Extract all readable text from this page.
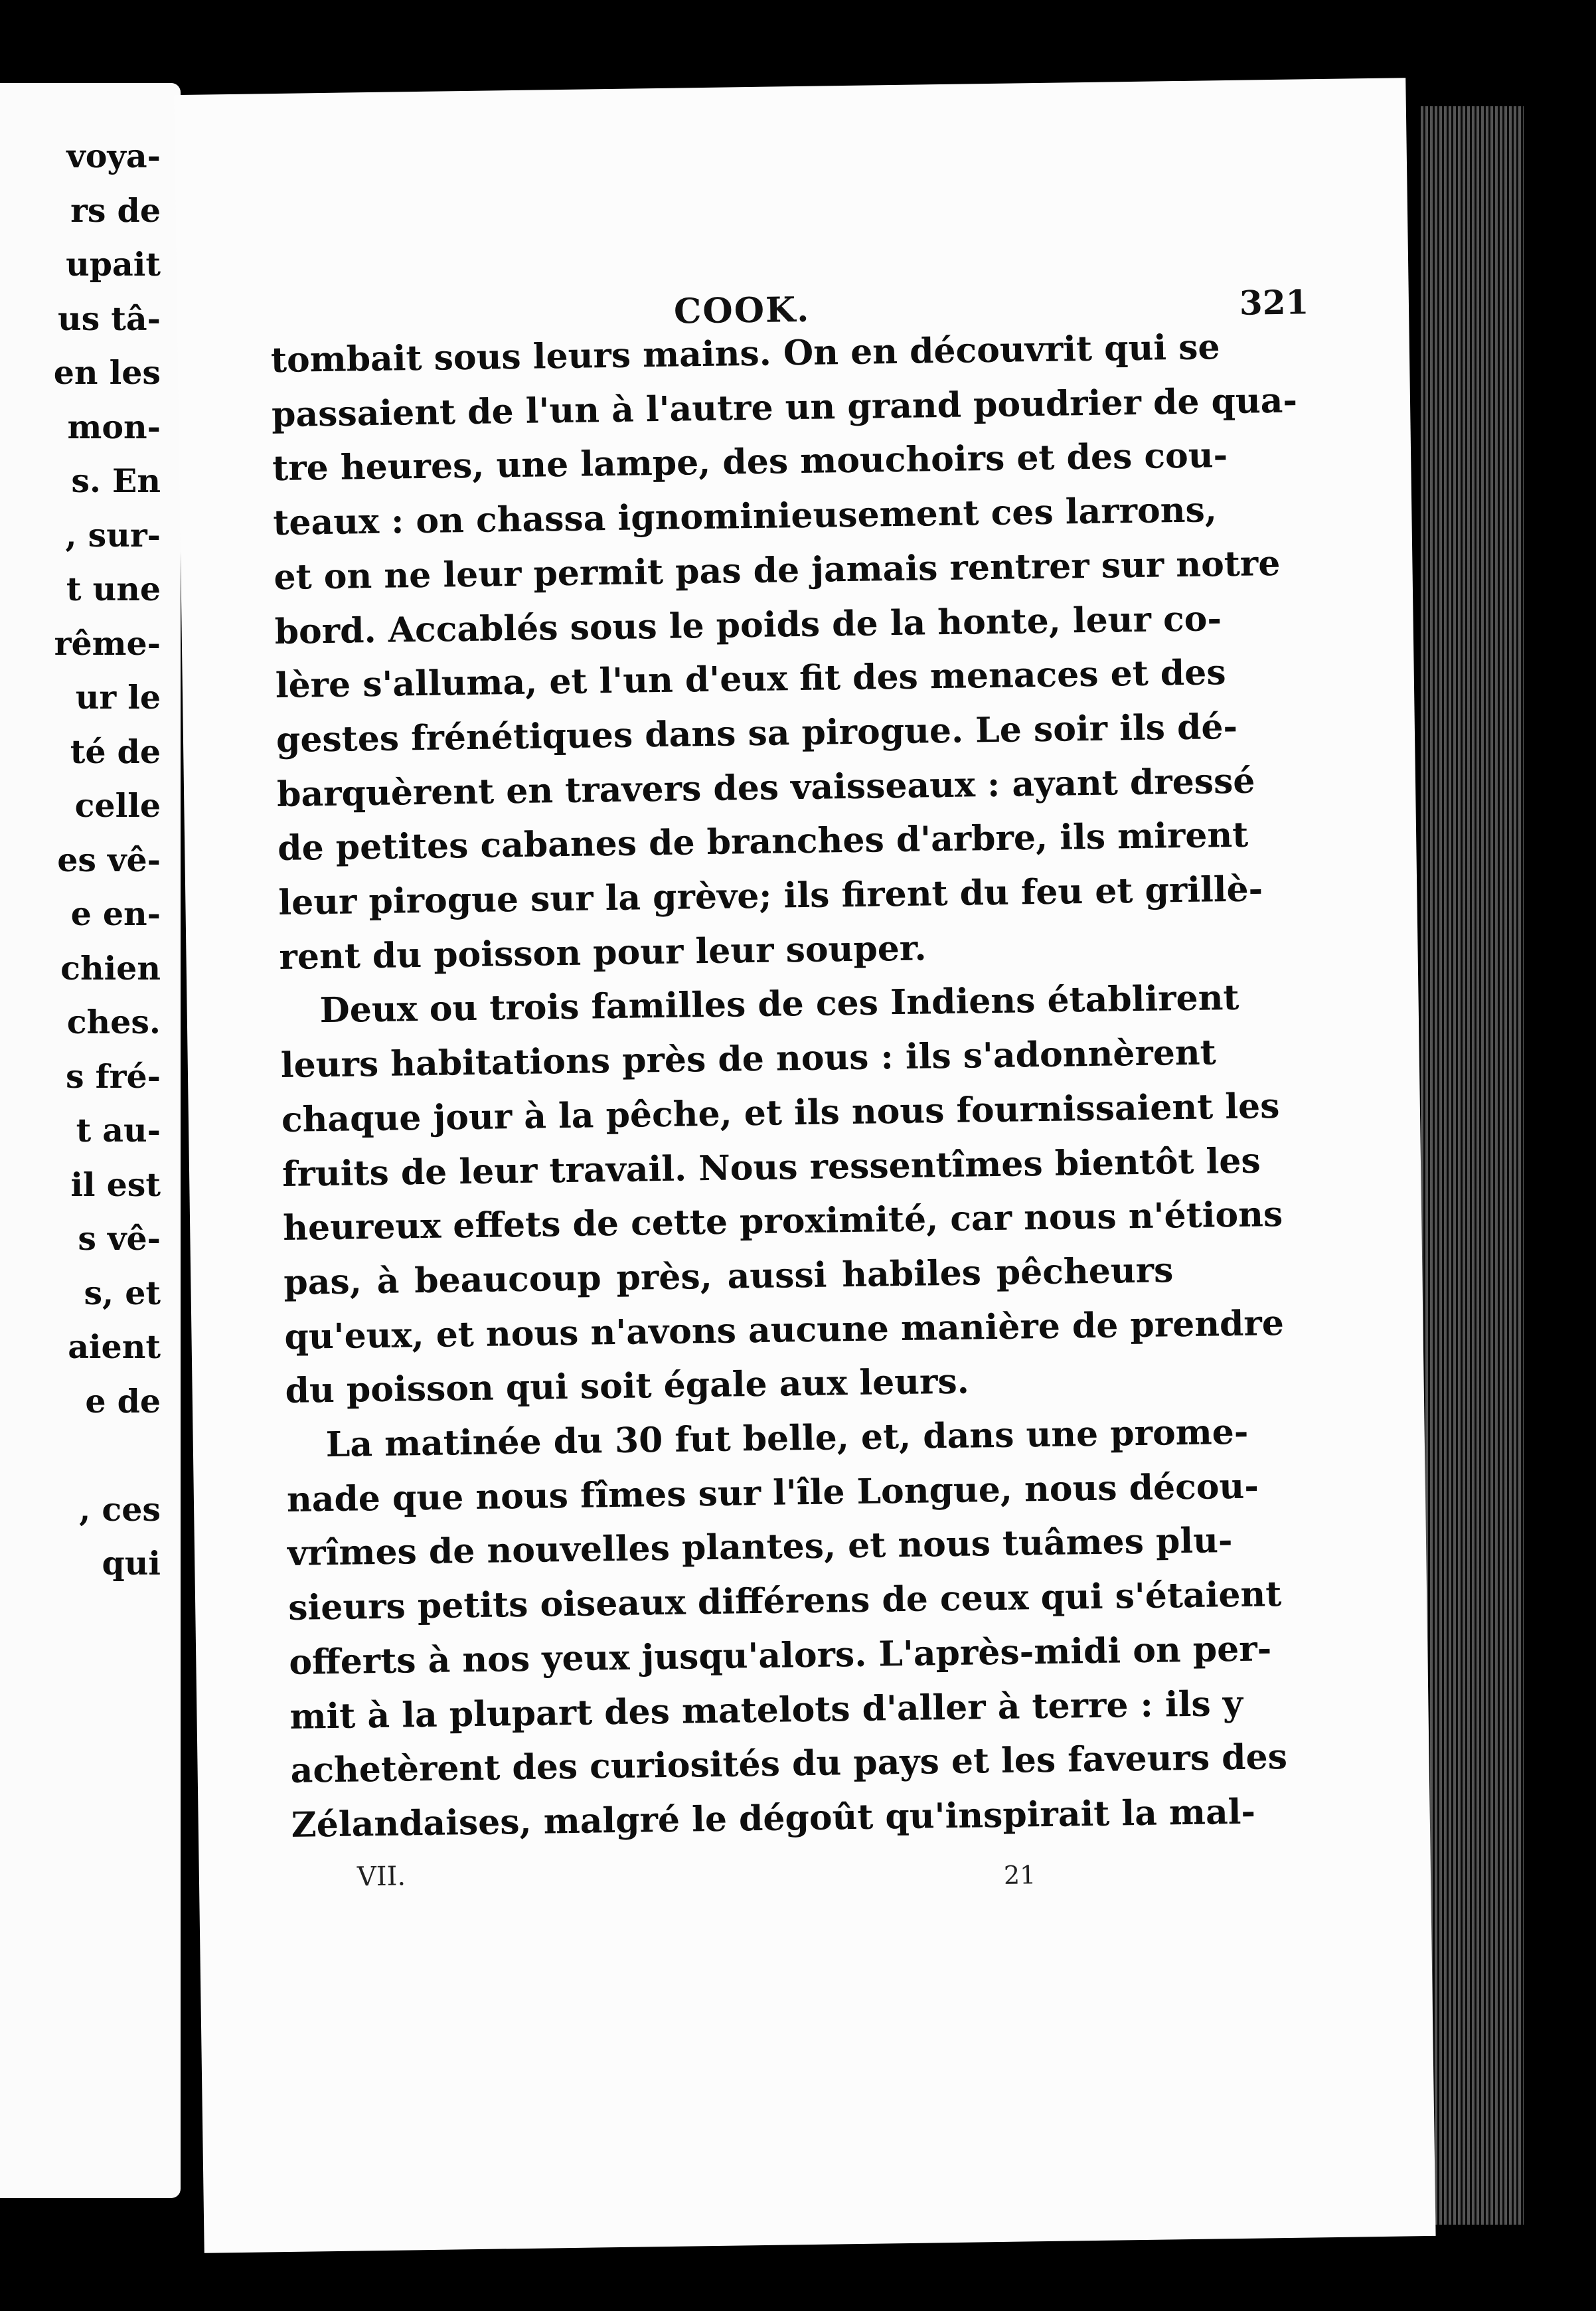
voya-
rs de
upait
us tâ-
en les
mon-
s. En
, sur-
t une
rême-
ur le
té de
celle
es vê-
e en-
chien
ches.
s fré-
t au-
il est
s vê-
s, et
aient
e de
, ces
qui
COOK.	321
tombait sous leurs mains. On en découvrit qui se
passaient de l'un à l'autre un grand poudrier de qua-
tre heures, une lampe, des mouchoirs et des cou-
teaux : on chassa ignominieusement ces larrons,
et on ne leur permit pas de jamais rentrer sur notre
bord. Accablés sous le poids de la honte, leur co-
lère s'alluma, et l'un d'eux fit des menaces et des
gestes frénétiques dans sa pirogue. Le soir ils dé-
barquèrent en travers des vaisseaux : ayant dressé
de petites cabanes de branches d'arbre, ils mirent
leur pirogue sur la grève; ils firent du feu et grillè-
rent du poisson pour leur souper.
Deux ou trois familles de ces Indiens établirent
leurs habitations près de nous : ils s'adonnèrent
chaque jour à la pêche, et ils nous fournissaient les
fruits de leur travail. Nous ressentîmes bientôt les
heureux effets de cette proximité, car nous n'étions
pas, à beaucoup près, aussi habiles pêcheurs
qu'eux, et nous n'avons aucune manière de prendre
du poisson qui soit égale aux leurs.
La matinée du 30 fut belle, et, dans une prome-
nade que nous fîmes sur l'île Longue, nous décou-
vrîmes de nouvelles plantes, et nous tuâmes plu-
sieurs petits oiseaux différens de ceux qui s'étaient
offerts à nos yeux jusqu'alors. L'après-midi on per-
mit à la plupart des matelots d'aller à terre : ils y
achetèrent des curiosités du pays et les faveurs des
Zélandaises, malgré le dégoût qu'inspirait la mal-
VII.	21
